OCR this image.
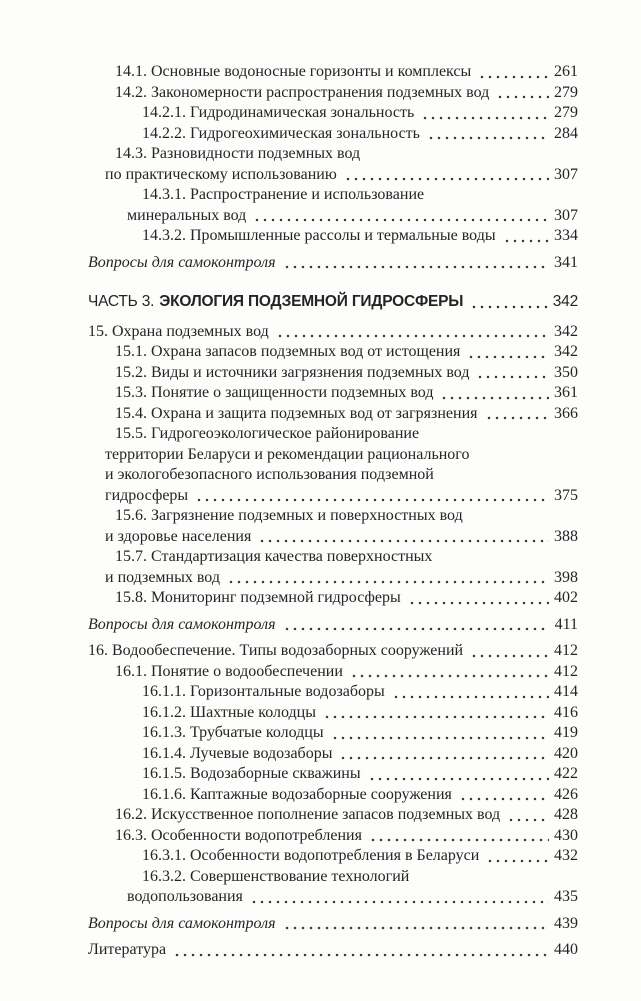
14.1. Основные водоносные горизонты и комплексы	261
14.2. Закономерности распространения подземных вод	279
14.2.1. Гидродинамическая зональность	279
14.2.2. Гидрогеохимическая зональность	284
14.3. Разновидности подземных вод
по практическому использованию	307
14.3.1. Распространение и использование
минеральных вод	307
14.3.2. Промышленные рассолы и термальные воды	334
Вопросы для самоконтроля	341
ЧАСТЬ 3. ЭКОЛОГИЯ ПОДЗЕМНОЙ ГИДРОСФЕРЫ	342
15. Охрана подземных вод	342
15.1. Охрана запасов подземных вод от истощения	342
15.2. Виды и источники загрязнения подземных вод	350
15.3. Понятие о защищенности подземных вод	361
15.4. Охрана и защита подземных вод от загрязнения	366
15.5. Гидрогеоэкологическое районирование
территории Беларуси и рекомендации рационального
и экологобезопасного использования подземной
гидросферы	375
15.6. Загрязнение подземных и поверхностных вод
и здоровье населения	388
15.7. Стандартизация качества поверхностных
и подземных вод	398
15.8. Мониторинг подземной гидросферы	402
Вопросы для самоконтроля	411
16. Водообеспечение. Типы водозаборных сооружений	412
16.1. Понятие о водообеспечении	412
16.1.1. Горизонтальные водозаборы	414
16.1.2. Шахтные колодцы	416
16.1.3. Трубчатые колодцы	419
16.1.4. Лучевые водозаборы	420
16.1.5. Водозаборные скважины	422
16.1.6. Каптажные водозаборные сооружения	426
16.2. Искусственное пополнение запасов подземных вод	428
16.3. Особенности водопотребления	430
16.3.1. Особенности водопотребления в Беларуси	432
16.3.2. Совершенствование технологий
водопользования	435
Вопросы для самоконтроля	439
Литература	440
